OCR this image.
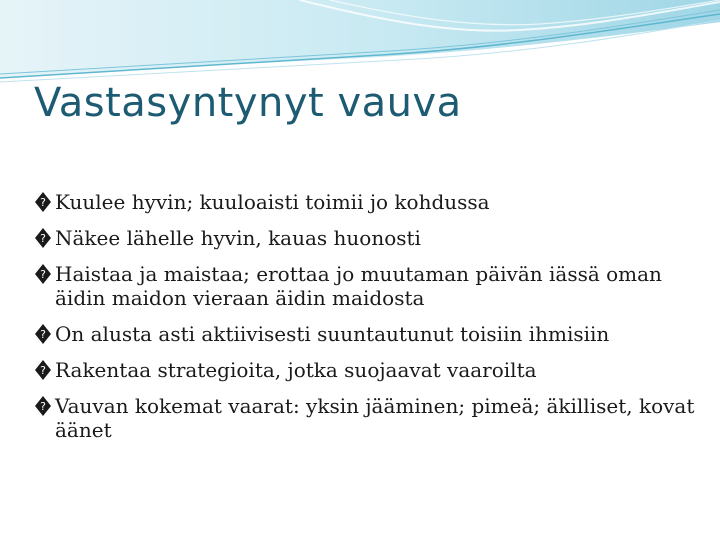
Vastasyntynyt vauva
? Kuulee hyvin; kuuloaisti toimii jo kohdussa
? Näkee lähelle hyvin, kauas huonosti
? Haistaa ja maistaa; erottaa jo muutaman päivän iässä oman äidin maidon vieraan äidin maidosta
? On alusta asti aktiivisesti suuntautunut toisiin ihmisiin
? Rakentaa strategioita, jotka suojaavat vaaroilta
? Vauvan kokemat vaarat: yksin jääminen; pimeä; äkilliset, kovat äänet
